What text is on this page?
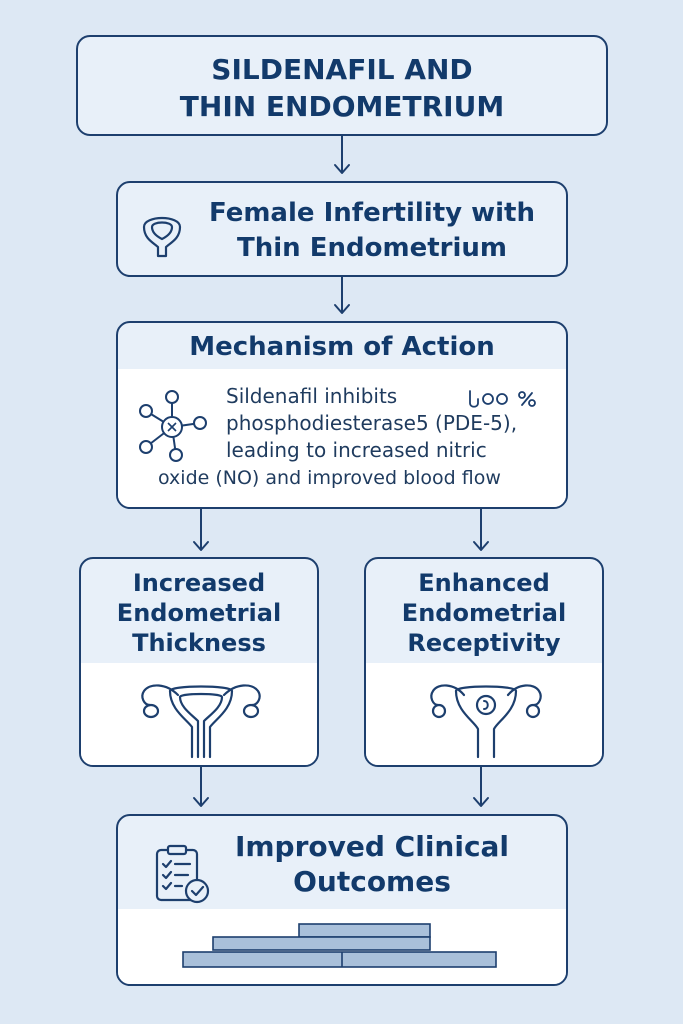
SILDENAFIL AND
THIN ENDOMETRIUM
Female Infertility with
Thin Endometrium
Mechanism of Action
Sildenafil inhibits
phosphodiesterase5 (PDE-5),
leading to increased nitric
oxide (NO) and improved blood flow
Increased
Endometrial
Thickness
Enhanced
Endometrial
Receptivity
Improved Clinical
Outcomes
